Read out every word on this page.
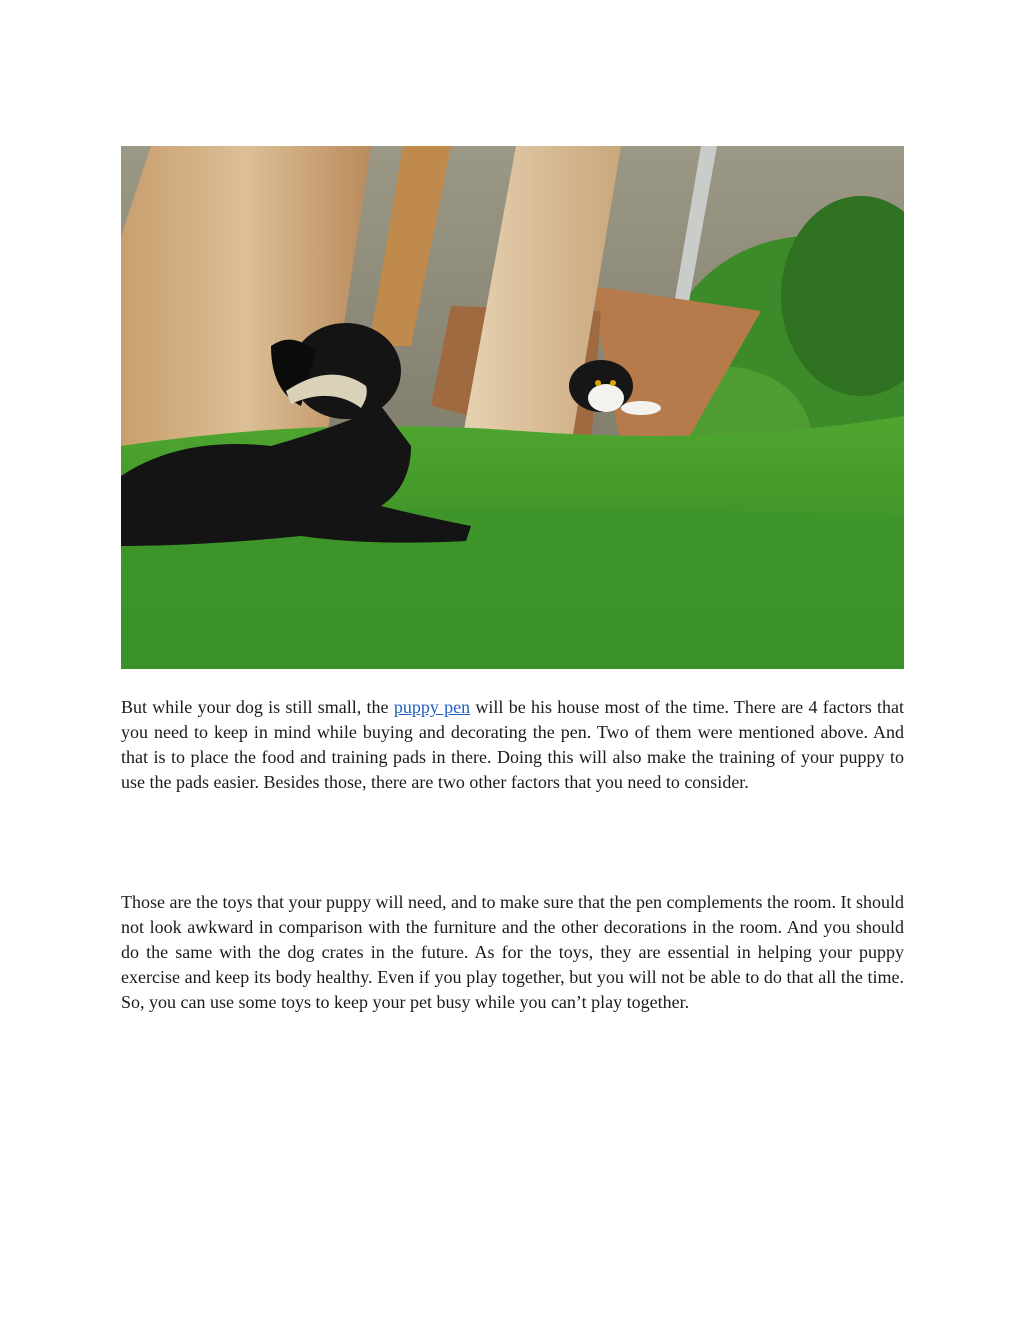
But while your dog is still small, the puppy pen will be his house most of the time. There are 4 factors that you need to keep in mind while buying and decorating the pen. Two of them were mentioned above. And that is to place the food and training pads in there. Doing this will also make the training of your puppy to use the pads easier. Besides those, there are two other factors that you need to consider.

Those are the toys that your puppy will need, and to make sure that the pen complements the room. It should not look awkward in comparison with the furniture and the other decorations in the room. And you should do the same with the dog crates in the future. As for the toys, they are essential in helping your puppy exercise and keep its body healthy. Even if you play together, but you will not be able to do that all the time. So, you can use some toys to keep your pet busy while you can’t play together.
